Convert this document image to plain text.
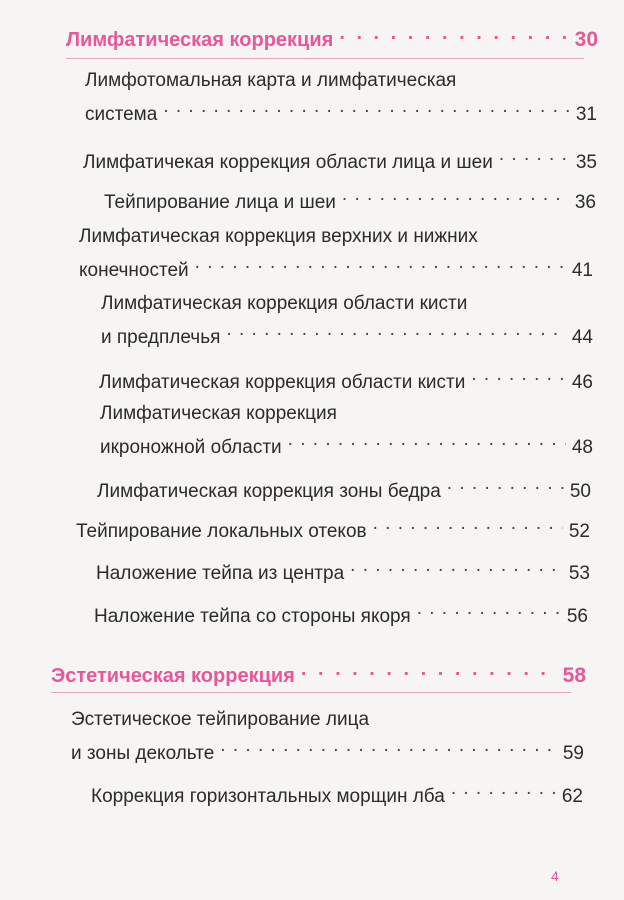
Лимфатическая коррекция . . .	30
Лимфотомальная карта и лимфатическая
система . . .	31
Лимфатичекая коррекция области лица и шеи . . .	35
Тейпирование лица и шеи . . .	36
Лимфатическая коррекция верхних и нижних
конечностей . . .	41
Лимфатическая коррекция области кисти
и предплечья . . .	44
Лимфатическая коррекция области кисти . . .	46
Лимфатическая коррекция
икроножной области . . .	48
Лимфатическая коррекция зоны бедра . . .	50
Тейпирование локальных отеков . . .	52
Наложение тейпа из центра . . .	53
Наложение тейпа со стороны якоря . . .	56
Эстетическая коррекция . . .	58
Эстетическое тейпирование лица
и зоны декольте . . .	59
Коррекция горизонтальных морщин лба . . .	62
4
